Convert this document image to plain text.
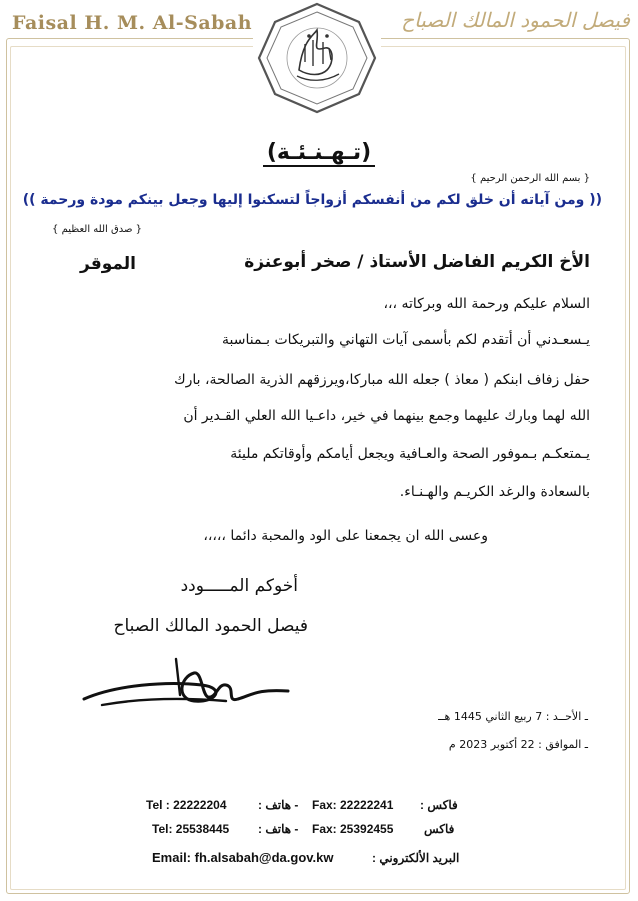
Faisal H. M. Al-Sabah	فيصل الحمود المالك الصباح
(تـهـنـئـة)
{ بسم الله الرحمن الرحيم }
(( ومن آياته أن خلق لكم من أنفسكم أزواجاً لتسكنوا إليها وجعل بينكم مودة ورحمة ))
{ صدق الله العظيم }
الأخ الكريم الفاضل الأستاذ / صخر أبوعنزة
الموقر
السلام عليكم ورحمة الله وبركاته ،،،
يـسعـدني أن أتقدم لكم بأسمى آيات التهاني والتبريكات بـمناسبة
حفل زفاف ابنكم ( معاذ ) جعله الله مباركا،ويرزقهم الذرية الصالحة، بارك
الله لهما وبارك عليهما وجمع بينهما في خير، داعـيا الله العلي القـدير أن
يـمتعكـم بـموفور الصحة والعـافية ويجعل أيامكم وأوقاتكم مليئة
بالسعادة والرغد الكريـم والهـنـاء.
وعسى الله ان يجمعنا على الود والمحبة دائما ،،،،،
أخوكم المـــــودد
فيصل الحمود المالك الصباح
ـ الأحــد : 7 ربيع الثاني 1445 هــ
ـ الموافق : 22 أكتوبر 2023 م
Tel : 22222204	- هاتف : Fax: 22222241 فاكس :
Tel: 25538445 - هاتف : Fax: 25392455	فاكس
Email: fh.alsabah@da.gov.kw	البريد الألكتروني :
